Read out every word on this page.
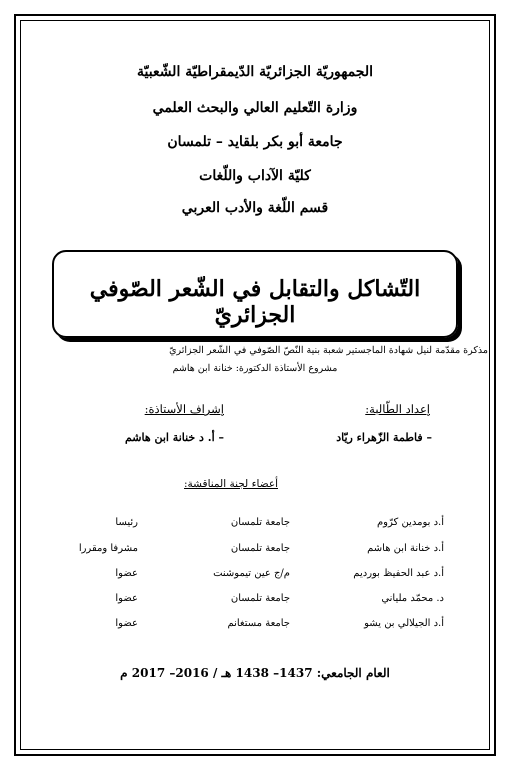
الجمهوريّة الجزائريّة الدّيمقراطيّة الشّعبيّة
وزارة التّعليم العالي والبحث العلمي
جامعة أبو بكر بلقايد – تلمسان
كليّة الآداب واللّغات
قسم اللّغة والأدب العربي
التّشاكل والتقابل في الشّعر الصّوفي الجزائريّ
مذكرة مقدّمة لنيل شهادة الماجستير شعبة بنية النّصّ الصّوفي في الشّعر الجزائريّ
مشروع الأستاذة الدكتورة: خنانة ابن هاشم
إعداد الطّالبة:
– فاطمة الزّهراء ريّاد
إشراف الأستاذة:
– أ. د خنانة ابن هاشم
أعضاء لجنة المناقشة:
أ.د بومدين كرّوم
جامعة تلمسان
رئيسا
أ.د خنانة ابن هاشم
جامعة تلمسان
مشرفا ومقررا
أ.د عبد الحفيظ بورديم
م/ج عين تيموشنت
عضوا
د. محمّد ملياني
جامعة تلمسان
عضوا
أ.د الجيلالي بن يشو
جامعة مستغانم
عضوا
العام الجامعي: 1437– 1438 هـ / 2016– 2017 م
